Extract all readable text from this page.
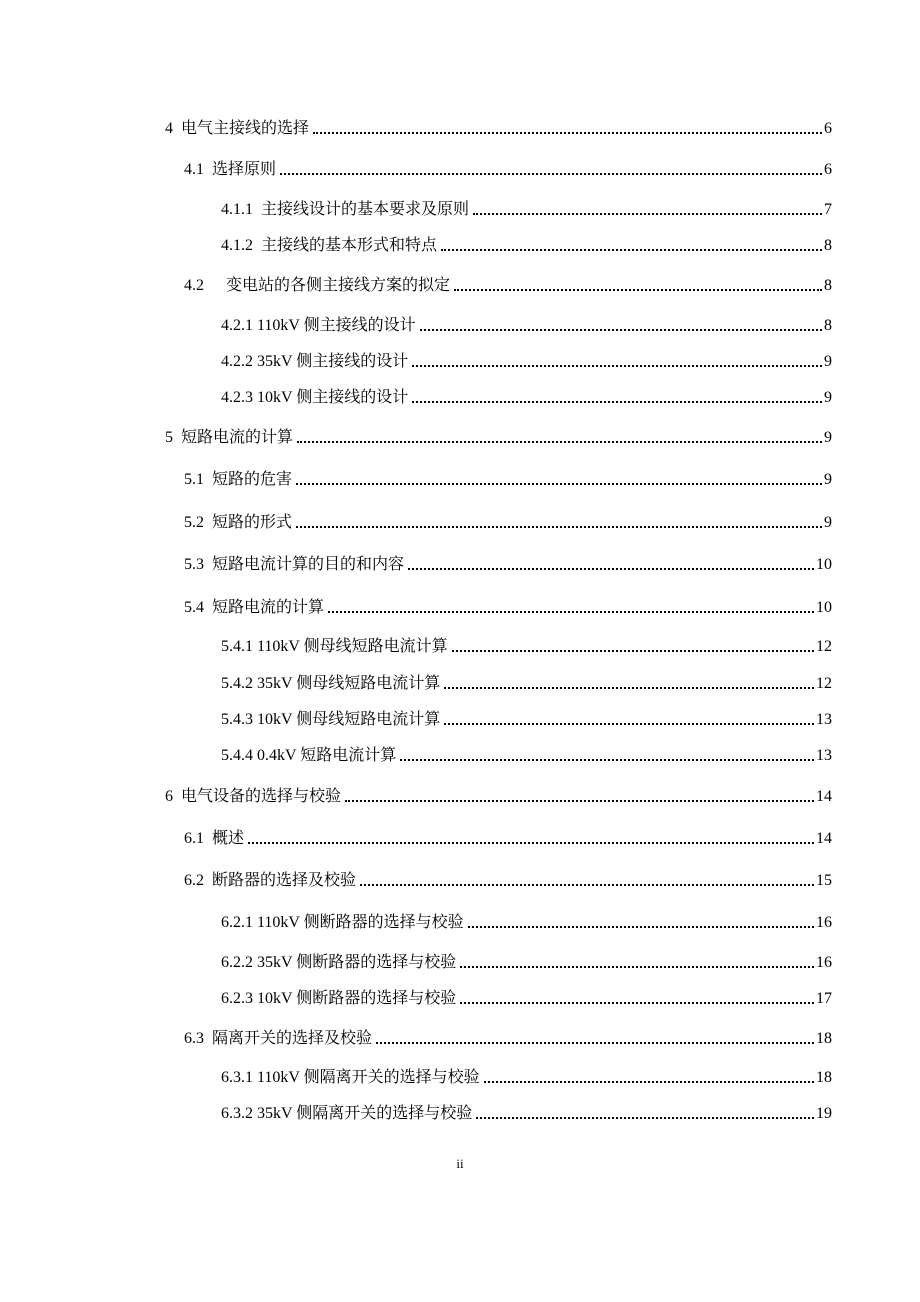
4 电气主接线的选择	6
4.1 选择原则	6
4.1.1 主接线设计的基本要求及原则	7
4.1.2 主接线的基本形式和特点	8
4.2	变电站的各侧主接线方案的拟定	8
4.2.1 110kV 侧主接线的设计	8
4.2.2 35kV 侧主接线的设计	9
4.2.3 10kV 侧主接线的设计	9
5 短路电流的计算	9
5.1 短路的危害	9
5.2 短路的形式	9
5.3 短路电流计算的目的和内容	10
5.4 短路电流的计算	10
5.4.1 110kV 侧母线短路电流计算	12
5.4.2 35kV 侧母线短路电流计算	12
5.4.3 10kV 侧母线短路电流计算	13
5.4.4 0.4kV 短路电流计算	13
6 电气设备的选择与校验	14
6.1 概述	14
6.2 断路器的选择及校验	15
6.2.1 110kV 侧断路器的选择与校验	16
6.2.2 35kV 侧断路器的选择与校验	16
6.2.3 10kV 侧断路器的选择与校验	17
6.3 隔离开关的选择及校验	18
6.3.1 110kV 侧隔离开关的选择与校验	18
6.3.2 35kV 侧隔离开关的选择与校验	19
ii
